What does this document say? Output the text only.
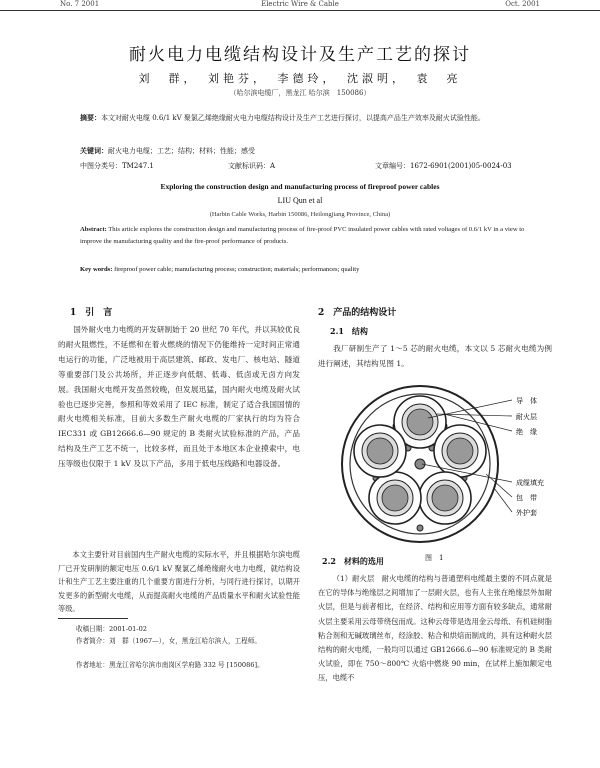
No. 7 2001	Electric Wire & Cable	Oct. 2001
耐火电力电缆结构设计及生产工艺的探讨
刘　群，　刘艳芬，　李德玲，　沈淑明，　袁　亮
（哈尔滨电缆厂，黑龙江 哈尔滨　150086）
摘要：本文对耐火电缆 0.6/1 kV 聚氯乙烯绝缘耐火电力电缆结构设计及生产工艺进行探讨，以提高产品生产效率及耐火试验性能。
关键词：耐火电力电缆；工艺；结构；材料；性能；感受
中图分类号：TM247.1	文献标识码：A	文章编号：1672-6901(2001)05-0024-03
Exploring the construction design and manufacturing process of fireproof power cables
LIU Qun et al
(Harbin Cable Works, Harbin 150086, Heilongjiang Province, China)
Abstract: This article explores the construction design and manufacturing process of fire-proof PVC insulated power cables with rated voltages of 0.6/1 kV in a view to improve the manufacturing quality and the fire-proof performance of products.
Key words: fireproof power cable; manufacturing process; construction; materials; performances; quality
1　引　言
国外耐火电力电缆的开发研制始于 20 世纪 70 年代，并以其较优良的耐火阻燃性，不延燃和在着火燃烧的情况下仍能维持一定时间正常通电运行的功能，广泛地被用于高层建筑、邮政、发电厂、核电站、隧道等重要部门及公共场所，并正逐步向低烟、低毒、低卤或无卤方向发展。我国耐火电缆开发虽然较晚，但发展迅猛，国内耐火电缆及耐火试验也已逐步完善，参照和等效采用了 IEC 标准，制定了适合我国国情的耐火电缆相关标准，目前大多数生产耐火电缆的厂家执行的均为符合 IEC331 或 GB12666.6—90 规定的 B 类耐火试验标准的产品，产品结构及生产工艺不统一，比较多样，而且处于本地区本企业摸索中，电压等级也仅限于 1 kV 及以下产品，多用于低电压线路和电器设备。
本文主要针对目前国内生产耐火电缆的实际水平，并且根据哈尔滨电缆厂已开发研制的额定电压 0.6/1 kV 聚氯乙烯绝缘耐火电力电缆，就结构设计和生产工艺主要注重的几个重要方面进行分析，与同行进行探讨，以期开发更多的新型耐火电缆，从而提高耐火电缆的产品质量水平和耐火试验性能等级。
收稿日期：2001-01-02
作者简介：刘　群（1967—），女，黑龙江哈尔滨人，工程师。
作者地址：黑龙江省哈尔滨市南岗区学府路 332 号 [150086]。
2　产品的结构设计
2.1　结构
我厂研制生产了 1～5 芯的耐火电缆，本文以 5 芯耐火电缆为例进行阐述，其结构见图 1。
导　体
耐火层
绝　缘
成缆填充
包　带
外护套
图　1
2.2　材料的选用
（1）耐火层　耐火电缆的结构与普通塑料电缆最主要的不同点就是在它的导体与绝缘层之间增加了一层耐火层，也有人主张在绝缘层外加耐火层，但是与前者相比，在经济、结构和应用等方面有较多缺点，通常耐火层主要采用云母带绕包而成。这种云母带是选用金云母纸、有机硅树脂粘合剂和无碱玻璃丝布，经涂胶、粘合和烘焙而制成的，具有这种耐火层结构的耐火电缆，一般均可以通过 GB12666.6—90 标准规定的 B 类耐火试验，即在 750～800℃ 火焰中燃烧 90 min，在试样上施加额定电压，电缆不
